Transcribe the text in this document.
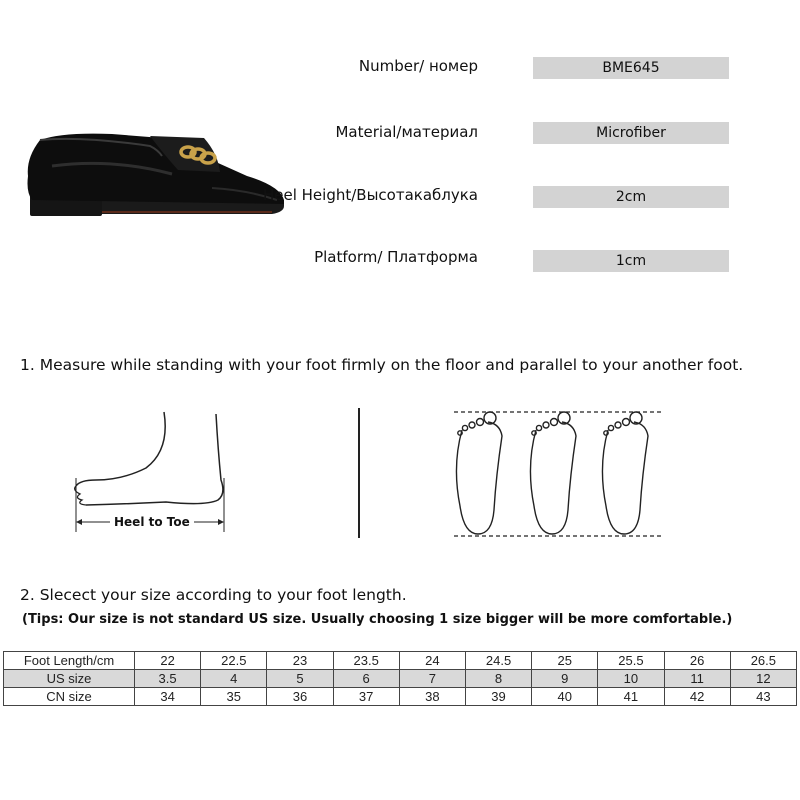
Number/ номер	BME645
Material/материал	Microfiber
Heel Height/Высотакаблука	2cm
Platform/ Платформа	1cm
1. Measure while standing with your foot firmly on the floor and parallel to your another foot.
Heel to Toe
2. Slecect your size according to your foot length.
(Tips: Our size is not standard US size. Usually choosing 1 size bigger will be more comfortable.)
Foot Length/cm	22	22.5	23	23.5	24	24.5	25	25.5	26	26.5
US size	3.5	4	5	6	7	8	9	10	11	12
CN size	34	35	36	37	38	39	40	41	42	43
